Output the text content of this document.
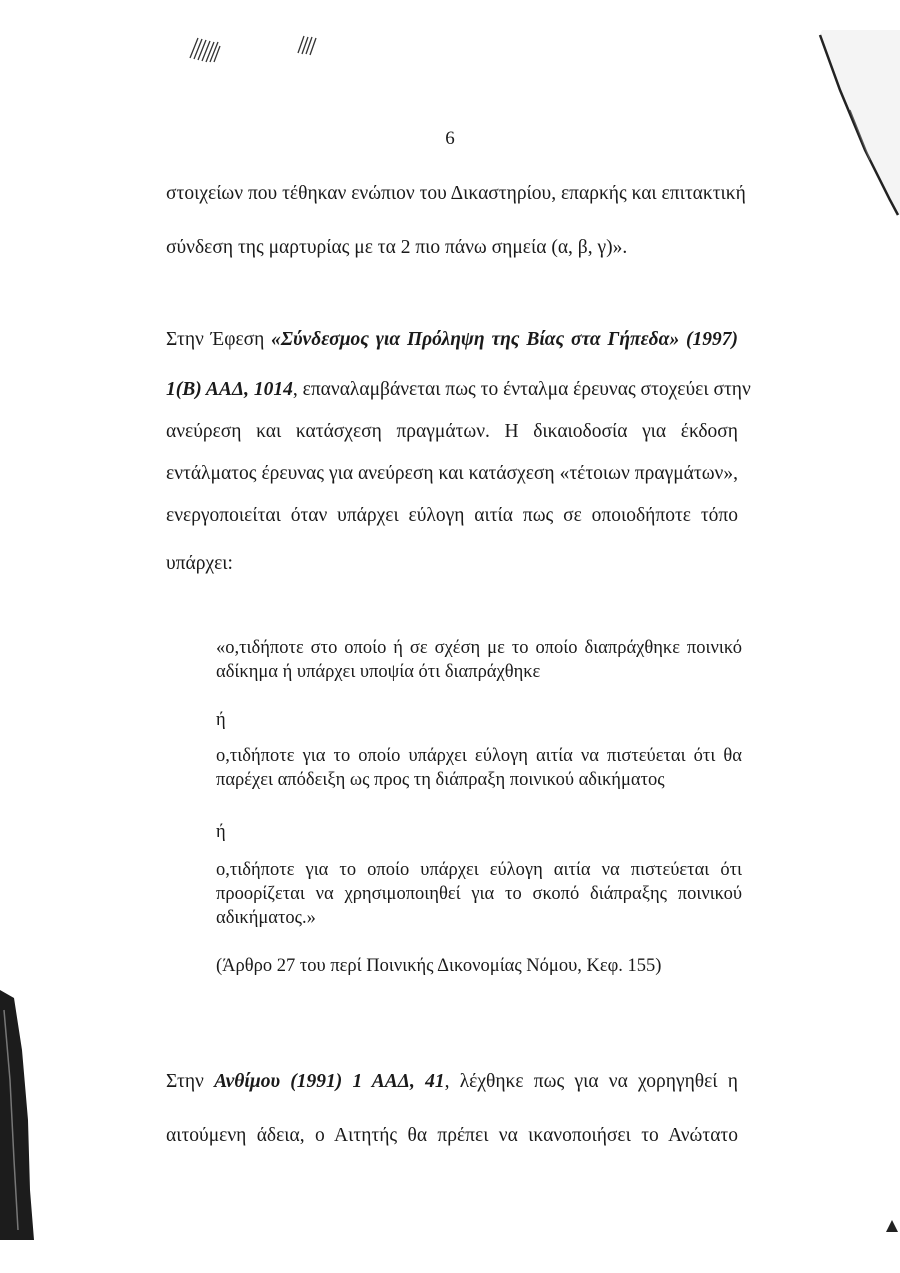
6
στοιχείων που τέθηκαν ενώπιον του Δικαστηρίου, επαρκής και επιτακτική
σύνδεση της μαρτυρίας με τα 2 πιο πάνω σημεία (α, β, γ)».
Στην Έφεση «Σύνδεσμος για Πρόληψη της Βίας στα Γήπεδα» (1997)
1(Β) ΑΑΔ, 1014, επαναλαμβάνεται πως το ένταλμα έρευνας στοχεύει στην
ανεύρεση και κατάσχεση πραγμάτων. Η δικαιοδοσία για έκδοση
εντάλματος έρευνας για ανεύρεση και κατάσχεση «τέτοιων πραγμάτων»,
ενεργοποιείται όταν υπάρχει εύλογη αιτία πως σε οποιοδήποτε τόπο
υπάρχει:
«ο,τιδήποτε στο οποίο ή σε σχέση με το οποίο διαπράχθηκε ποινικό
αδίκημα ή υπάρχει υποψία ότι διαπράχθηκε
ή
ο,τιδήποτε για το οποίο υπάρχει εύλογη αιτία να πιστεύεται ότι θα
παρέχει απόδειξη ως προς τη διάπραξη ποινικού αδικήματος
ή
ο,τιδήποτε για το οποίο υπάρχει εύλογη αιτία να πιστεύεται ότι
προορίζεται να χρησιμοποιηθεί για το σκοπό διάπραξης ποινικού
αδικήματος.»
(Άρθρο 27 του περί Ποινικής Δικονομίας Νόμου, Κεφ. 155)
Στην Ανθίμου (1991) 1 ΑΑΔ, 41, λέχθηκε πως για να χορηγηθεί η
αιτούμενη άδεια, ο Αιτητής θα πρέπει να ικανοποιήσει το Ανώτατο
